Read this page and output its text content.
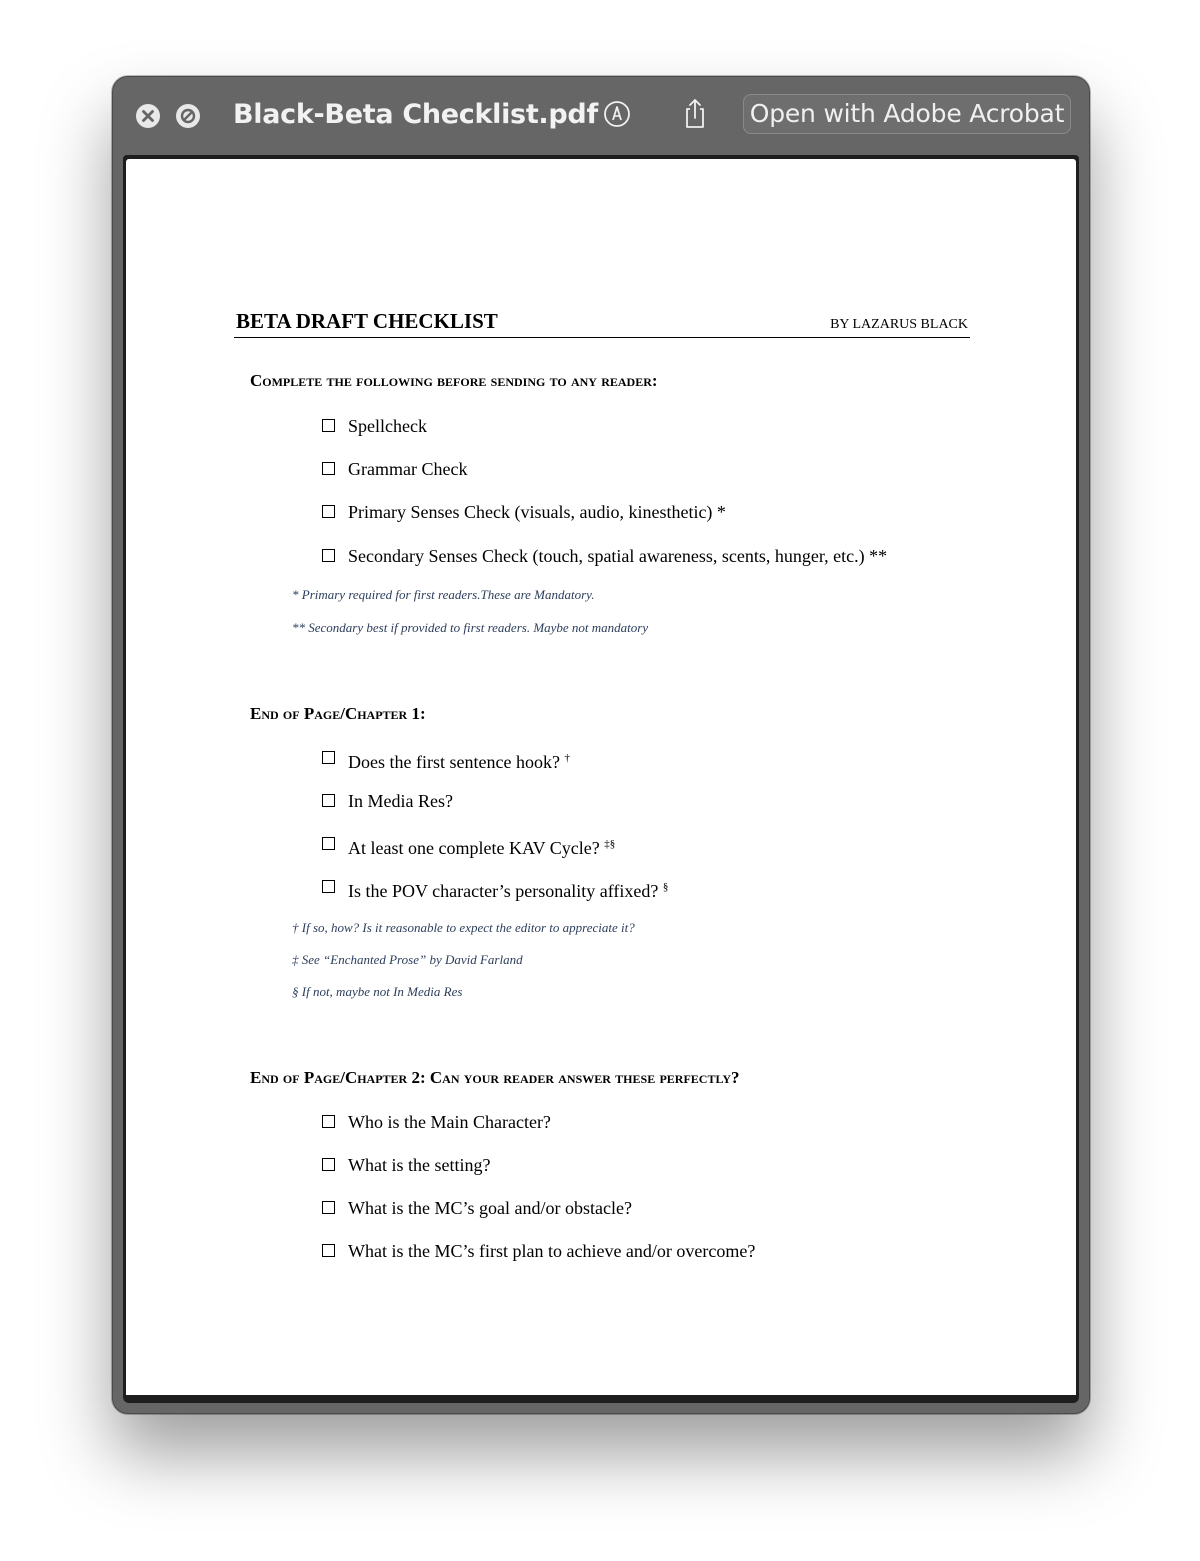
Black-Beta Checklist.pdf	Open with Adobe Acrobat
BETA DRAFT CHECKLIST	BY LAZARUS BLACK
Complete the following before sending to any reader:
Spellcheck
Grammar Check
Primary Senses Check (visuals, audio, kinesthetic) *
Secondary Senses Check (touch, spatial awareness, scents, hunger, etc.) **
* Primary required for first readers.These are Mandatory.
** Secondary best if provided to first readers. Maybe not mandatory
End of Page/Chapter 1:
Does the first sentence hook? †
In Media Res?
At least one complete KAV Cycle? ‡§
Is the POV character’s personality affixed? §
† If so, how? Is it reasonable to expect the editor to appreciate it?
‡ See “Enchanted Prose” by David Farland
§ If not, maybe not In Media Res
End of Page/Chapter 2: Can your reader answer these perfectly?
Who is the Main Character?
What is the setting?
What is the MC’s goal and/or obstacle?
What is the MC’s first plan to achieve and/or overcome?
